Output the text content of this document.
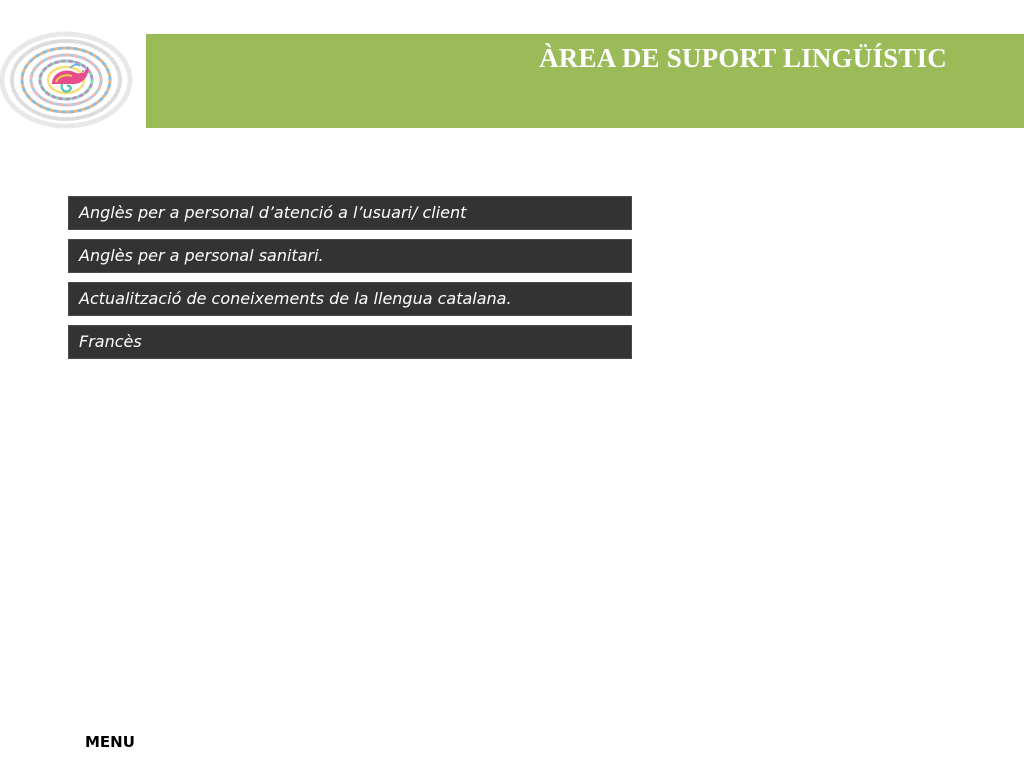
ÀREA DE SUPORT LINGÜÍSTIC
Anglès per a personal d’atenció a l’usuari/ client
Anglès per a personal sanitari.
Actualització de coneixements de la llengua catalana.
Francès
MENU
